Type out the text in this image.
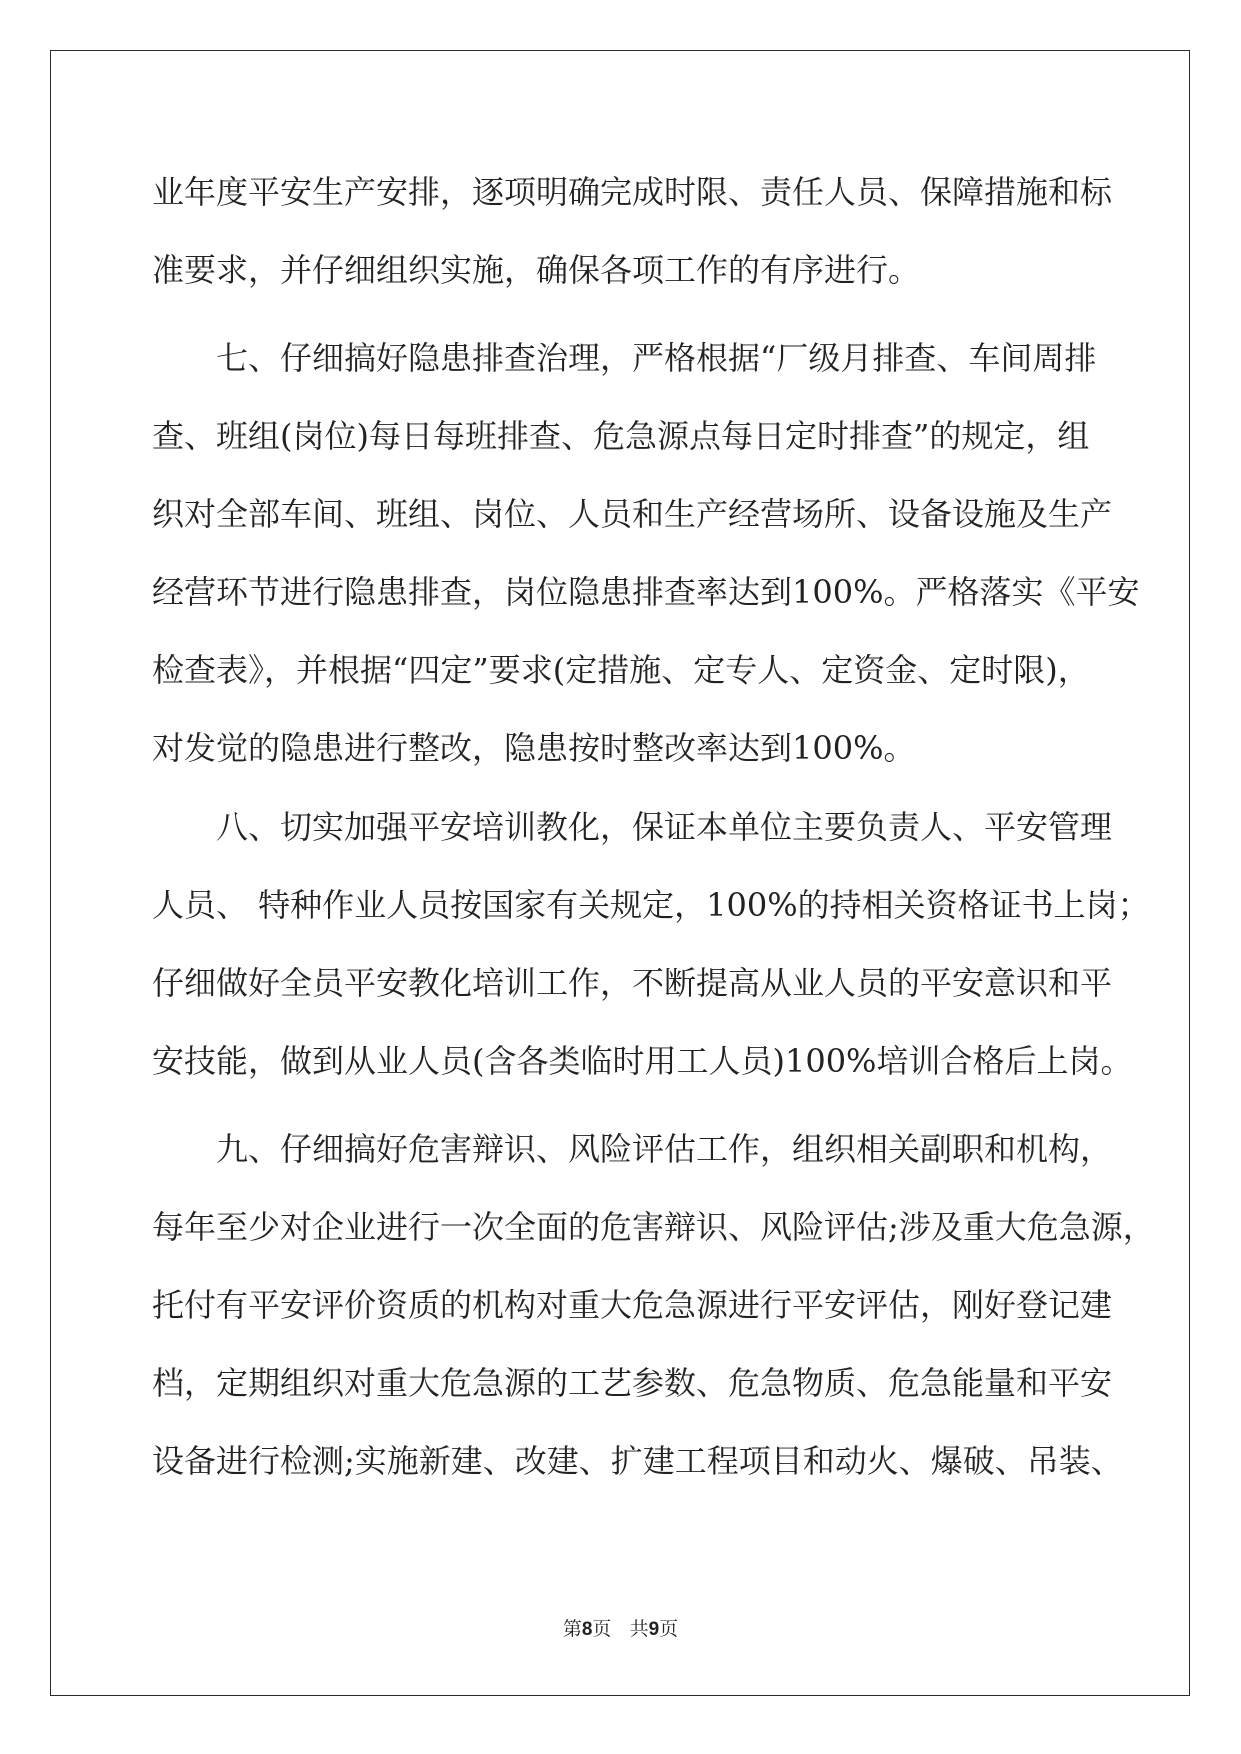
业年度平安生产安排，逐项明确完成时限、责任人员、保障措施和标
准要求，并仔细组织实施，确保各项工作的有序进行。
七、仔细搞好隐患排查治理，严格根据“厂级月排查、车间周排
查、班组(岗位)每日每班排查、危急源点每日定时排查”的规定，组
织对全部车间、班组、岗位、人员和生产经营场所、设备设施及生产
经营环节进行隐患排查，岗位隐患排查率达到100%。严格落实《平安
检查表》，并根据“四定”要求(定措施、定专人、定资金、定时限)，
对发觉的隐患进行整改，隐患按时整改率达到100%。
八、切实加强平安培训教化，保证本单位主要负责人、平安管理
人员、 特种作业人员按国家有关规定，100%的持相关资格证书上岗；
仔细做好全员平安教化培训工作，不断提高从业人员的平安意识和平
安技能，做到从业人员(含各类临时用工人员)100%培训合格后上岗。
九、仔细搞好危害辩识、风险评估工作，组织相关副职和机构，
每年至少对企业进行一次全面的危害辩识、风险评估;涉及重大危急源，
托付有平安评价资质的机构对重大危急源进行平安评估，刚好登记建
档，定期组织对重大危急源的工艺参数、危急物质、危急能量和平安
设备进行检测;实施新建、改建、扩建工程项目和动火、爆破、吊装、
第8页 共9页
